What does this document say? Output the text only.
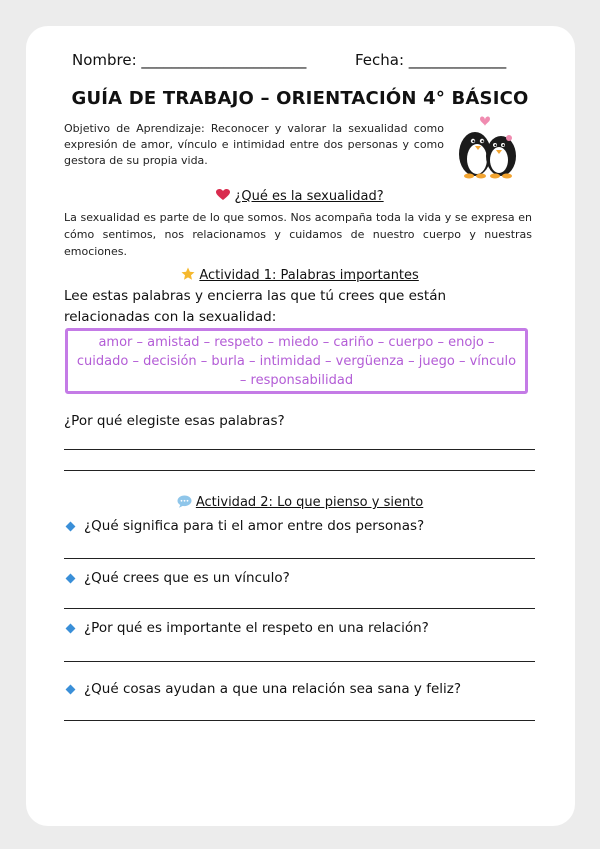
Nombre: ______________________	Fecha: _____________
GUÍA DE TRABAJO – ORIENTACIÓN 4° BÁSICO
Objetivo de Aprendizaje: Reconocer y valorar la sexualidad como expresión de amor, vínculo e intimidad entre dos personas y como gestora de su propia vida.
¿Qué es la sexualidad?
La sexualidad es parte de lo que somos. Nos acompaña toda la vida y se expresa en cómo sentimos, nos relacionamos y cuidamos de nuestro cuerpo y nuestras emociones.
Actividad 1: Palabras importantes
Lee estas palabras y encierra las que tú crees que están relacionadas con la sexualidad:
amor – amistad – respeto – miedo – cariño – cuerpo – enojo – cuidado – decisión – burla – intimidad – vergüenza – juego – vínculo – responsabilidad
¿Por qué elegiste esas palabras?
Actividad 2: Lo que pienso y siento
¿Qué significa para ti el amor entre dos personas?
¿Qué crees que es un vínculo?
¿Por qué es importante el respeto en una relación?
¿Qué cosas ayudan a que una relación sea sana y feliz?
